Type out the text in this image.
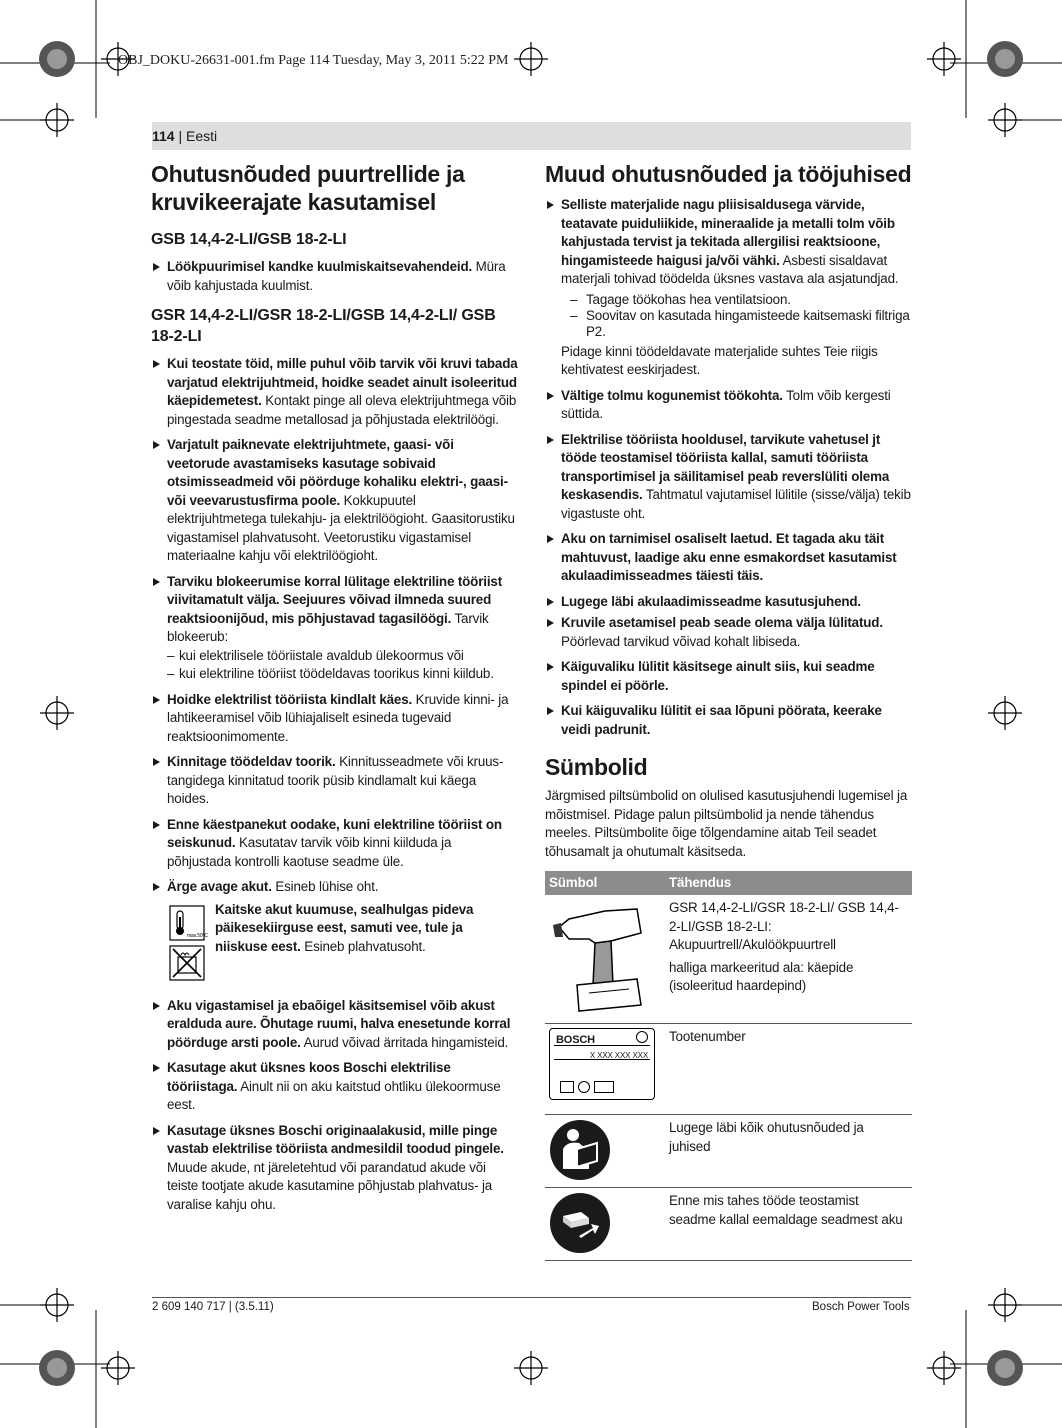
OBJ_DOKU-26631-001.fm Page 114 Tuesday, May 3, 2011 5:22 PM
114 | Eesti
Ohutusnõuded puurtrellide ja kruvikeerajate kasutamisel
GSB 14,4-2-LI/GSB 18-2-LI

Löökpuurimisel kandke kuulmiskaitsevahendeid. Müra võib kahjustada kuulmist.

GSR 14,4-2-LI/GSR 18-2-LI/GSB 14,4-2-LI/ GSB 18-2-LI

Kui teostate töid, mille puhul võib tarvik või kruvi tabada varjatud elektrijuhtmeid, hoidke seadet ainult isoleeritud käepidemetest. Kontakt pinge all oleva elektrijuhtmega võib pingestada seadme metallosad ja põhjustada elektrilöögi.

Varjatult paiknevate elektrijuhtmete, gaasi- või veetorude avastamiseks kasutage sobivaid otsimisseadmeid või pöörduge kohaliku elektri-, gaasi- või veevarustusfirma poole. Kokkupuutel elektrijuhtmetega tulekahju- ja elektrilöögioht. Gaasitorustiku vigastamisel plahvatusoht. Veetorustiku vigastamisel materiaalne kahju või elektrilöögioht.

Tarviku blokeerumise korral lülitage elektriline tööriist viivitamatult välja. Seejuures võivad ilmneda suured reaktsioonijõud, mis põhjustavad tagasilöögi. Tarvik blokeerub:

– kui elektrilisele tööriistale avaldub ülekoormus või
– kui elektriline tööriist töödeldavas toorikus kinni kiildub.

Hoidke elektrilist tööriista kindlalt käes. Kruvide kinni- ja lahtikeeramisel võib lühiajaliselt esineda tugevaid reaktsioonimomente.

Kinnitage töödeldav toorik. Kinnitusseadmete või kruus-tangidega kinnitatud toorik püsib kindlamalt kui käega hoides.

Enne käestpanekut oodake, kuni elektriline tööriist on seiskunud. Kasutatav tarvik võib kinni kiilduda ja põhjustada kontrolli kaotuse seadme üle.

Ärge avage akut. Esineb lühise oht.

max.50°C
Kaitske akut kuumuse, sealhulgas pideva päikesekiirguse eest, samuti vee, tule ja niiskuse eest. Esineb plahvatusoht.

Aku vigastamisel ja ebaõigel käsitsemisel võib akust eralduda aure. Õhutage ruumi, halva enesetunde korral pöörduge arsti poole. Aurud võivad ärritada hingamisteid.

Kasutage akut üksnes koos Boschi elektrilise tööriistaga. Ainult nii on aku kaitstud ohtliku ülekoormuse eest.

Kasutage üksnes Boschi originaalakusid, mille pinge vastab elektrilise tööriista andmesildil toodud pingele. Muude akude, nt järeletehtud või parandatud akude või teiste tootjate akude kasutamine põhjustab plahvatus- ja varalise kahju ohu.

Muud ohutusnõuded ja tööjuhised

Selliste materjalide nagu pliisisaldusega värvide, teatavate puiduliikide, mineraalide ja metalli tolm võib kahjustada tervist ja tekitada allergilisi reaktsioone, hingamisteede haigusi ja/või vähki. Asbesti sisaldavat materjali tohivad töödelda üksnes vastava ala asjatundjad.

– Tagage töökohas hea ventilatsioon.
– Soovitav on kasutada hingamisteede kaitsemaski filtriga P2.

Pidage kinni töödeldavate materjalide suhtes Teie riigis kehtivatest eeskirjadest.

Vältige tolmu kogunemist töökohta. Tolm võib kergesti süttida.

Elektrilise tööriista hooldusel, tarvikute vahetusel jt tööde teostamisel tööriista kallal, samuti tööriista transportimisel ja säilitamisel peab reverslüliti olema keskasendis. Tahtmatul vajutamisel lülitile (sisse/välja) tekib vigastuste oht.

Aku on tarnimisel osaliselt laetud. Et tagada aku täit mahtuvust, laadige aku enne esmakordset kasutamist akulaadimisseadmes täiesti täis.

Lugege läbi akulaadimisseadme kasutusjuhend.

Kruvile asetamisel peab seade olema välja lülitatud. Pöörlevad tarvikud võivad kohalt libiseda.

Käiguvaliku lülitit käsitsege ainult siis, kui seadme spindel ei pöörle.

Kui käiguvaliku lülitit ei saa lõpuni pöörata, keerake veidi padrunit.

Sümbolid

Järgmised piltsümbolid on olulised kasutusjuhendi lugemisel ja mõistmisel. Pidage palun piltsümbolid ja nende tähendus meeles. Piltsümbolite õige tõlgendamine aitab Teil seadet tõhusamalt ja ohutumalt käsitseda.

Sümbol	Tähendus

GSR 14,4-2-LI/GSR 18-2-LI/ GSB 14,4-2-LI/GSB 18-2-LI: Akupuurtrell/Akulöökpuurtrell
halliga markeeritud ala: käepide (isoleeritud haardepind)

BOSCH
X XXX XXX XXX	Tootenumber
	Lugege läbi kõik ohutusnõuded ja juhised
	Enne mis tahes tööde teostamist seadme kallal eemaldage seadmest aku
2 609 140 717 | (3.5.11)	Bosch Power Tools
